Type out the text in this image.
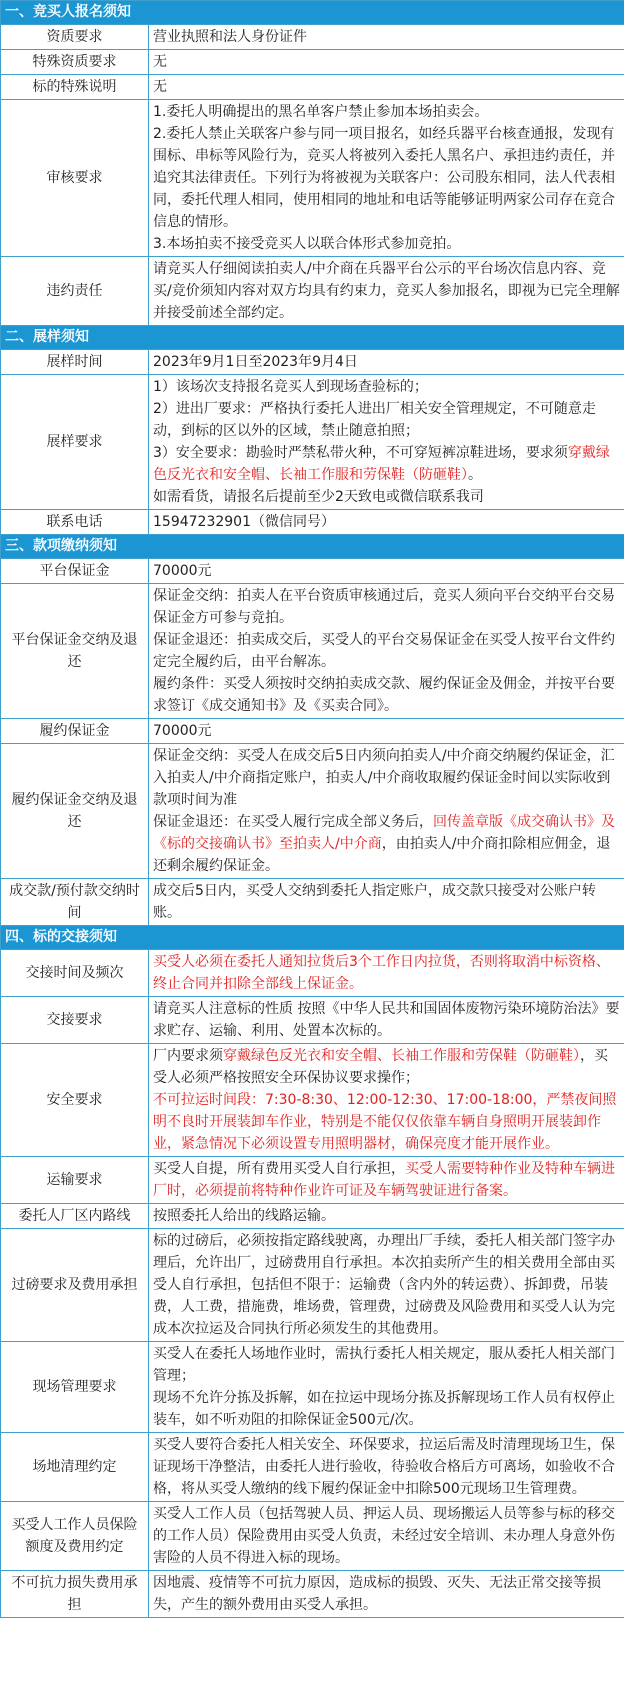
一、竞买人报名须知	
资质要求	营业执照和法人身份证件

特殊资质要求	无

标的特殊说明	无

审核要求	1.委托人明确提出的黑名单客户禁止参加本场拍卖会。
2.委托人禁止关联客户参与同一项目报名，如经兵器平台核查通报，发现有围标、串标等风险行为，竞买人将被列入委托人黑名户、承担违约责任，并追究其法律责任。下列行为将被视为关联客户：公司股东相同，法人代表相同，委托代理人相同，使用相同的地址和电话等能够证明两家公司存在竞合信息的情形。
3.本场拍卖不接受竞买人以联合体形式参加竞拍。

违约责任	请竞买人仔细阅读拍卖人/中介商在兵器平台公示的平台场次信息内容、竞买/竞价须知内容对双方均具有约束力，竞买人参加报名，即视为已完全理解并接受前述全部约定。

二、展样须知	
展样时间	2023年9月1日至2023年9月4日

展样要求	1）该场次支持报名竞买人到现场查验标的；
2）进出厂要求：严格执行委托人进出厂相关安全管理规定，不可随意走动，到标的区以外的区域，禁止随意拍照；
3）安全要求：勘验时严禁私带火种，不可穿短裤凉鞋进场，要求须穿戴绿色反光衣和安全帽、长袖工作服和劳保鞋（防砸鞋）。
如需看货，请报名后提前至少2天致电或微信联系我司

联系电话	15947232901（微信同号）

三、款项缴纳须知	
平台保证金	70000元

平台保证金交纳及退还	保证金交纳：拍卖人在平台资质审核通过后，竞买人须向平台交纳平台交易保证金方可参与竞拍。
保证金退还：拍卖成交后，买受人的平台交易保证金在买受人按平台文件约定完全履约后，由平台解冻。
履约条件：买受人须按时交纳拍卖成交款、履约保证金及佣金，并按平台要求签订《成交通知书》及《买卖合同》。

履约保证金	70000元

履约保证金交纳及退还	保证金交纳：买受人在成交后5日内须向拍卖人/中介商交纳履约保证金，汇入拍卖人/中介商指定账户，拍卖人/中介商收取履约保证金时间以实际收到款项时间为准
保证金退还：在买受人履行完成全部义务后，回传盖章版《成交确认书》及《标的交接确认书》至拍卖人/中介商，由拍卖人/中介商扣除相应佣金，退还剩余履约保证金。

成交款/预付款交纳时间	成交后5日内，买受人交纳到委托人指定账户，成交款只接受对公账户转账。

四、标的交接须知	
交接时间及频次	买受人必须在委托人通知拉货后3个工作日内拉货，否则将取消中标资格、终止合同并扣除全部线上保证金。

交接要求	请竞买人注意标的性质 按照《中华人民共和国固体废物污染环境防治法》要求贮存、运输、利用、处置本次标的。

安全要求	厂内要求须穿戴绿色反光衣和安全帽、长袖工作服和劳保鞋（防砸鞋），买受人必须严格按照安全环保协议要求操作；
不可拉运时间段：7:30-8:30、12:00-12:30、17:00-18:00，严禁夜间照明不良时开展装卸车作业，特别是不能仅仅依靠车辆自身照明开展装卸作业，紧急情况下必须设置专用照明器材，确保亮度才能开展作业。

运输要求	买受人自提，所有费用买受人自行承担，买受人需要特种作业及特种车辆进厂时，必须提前将特种作业许可证及车辆驾驶证进行备案。

委托人厂区内路线	按照委托人给出的线路运输。

过磅要求及费用承担	标的过磅后，必须按指定路线驶离，办理出厂手续，委托人相关部门签字办理后，允许出厂，过磅费用自行承担。本次拍卖所产生的相关费用全部由买受人自行承担，包括但不限于：运输费（含内外的转运费）、拆卸费，吊装费，人工费，措施费，堆场费，管理费，过磅费及风险费用和买受人认为完成本次拉运及合同执行所必须发生的其他费用。

现场管理要求	买受人在委托人场地作业时，需执行委托人相关规定，服从委托人相关部门管理；
现场不允许分拣及拆解，如在拉运中现场分拣及拆解现场工作人员有权停止装车，如不听劝阻的扣除保证金500元/次。

场地清理约定	买受人要符合委托人相关安全、环保要求，拉运后需及时清理现场卫生，保证现场干净整洁，由委托人进行验收，待验收合格后方可离场，如验收不合格，将从买受人缴纳的线下履约保证金中扣除500元现场卫生管理费。

买受人工作人员保险额度及费用约定	买受人工作人员（包括驾驶人员、押运人员、现场搬运人员等参与标的移交的工作人员）保险费用由买受人负责，未经过安全培训、未办理人身意外伤害险的人员不得进入标的现场。

不可抗力损失费用承担	因地震、疫情等不可抗力原因，造成标的损毁、灭失、无法正常交接等损失，产生的额外费用由买受人承担。
